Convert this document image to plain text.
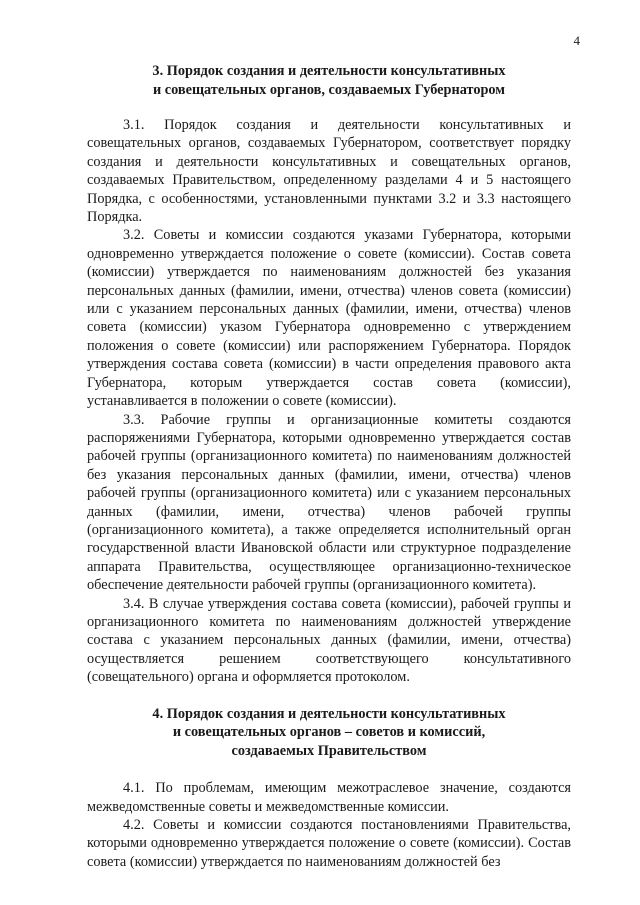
4
3. Порядок создания и деятельности консультативных
и совещательных органов, создаваемых Губернатором

3.1. Порядок создания и деятельности консультативных и совещательных органов, создаваемых Губернатором, соответствует порядку создания и деятельности консультативных и совещательных органов, создаваемых Правительством, определенному разделами 4 и 5 настоящего Порядка, с особенностями, установленными пунктами 3.2 и 3.3 настоящего Порядка.

3.2. Советы и комиссии создаются указами Губернатора, которыми одновременно утверждается положение о совете (комиссии). Состав совета (комиссии) утверждается по наименованиям должностей без указания персональных данных (фамилии, имени, отчества) членов совета (комиссии) или с указанием персональных данных (фамилии, имени, отчества) членов совета (комиссии) указом Губернатора одновременно с утверждением положения о совете (комиссии) или распоряжением Губернатора. Порядок утверждения состава совета (комиссии) в части определения правового акта Губернатора, которым утверждается состав совета (комиссии), устанавливается в положении о совете (комиссии).

3.3. Рабочие группы и организационные комитеты создаются распоряжениями Губернатора, которыми одновременно утверждается состав рабочей группы (организационного комитета) по наименованиям должностей без указания персональных данных (фамилии, имени, отчества) членов рабочей группы (организационного комитета) или с указанием персональных данных (фамилии, имени, отчества) членов рабочей группы (организационного комитета), а также определяется исполнительный орган государственной власти Ивановской области или структурное подразделение аппарата Правительства, осуществляющее организационно-техническое обеспечение деятельности рабочей группы (организационного комитета).

3.4. В случае утверждения состава совета (комиссии), рабочей группы и организационного комитета по наименованиям должностей утверждение состава с указанием персональных данных (фамилии, имени, отчества) осуществляется решением соответствующего консультативного (совещательного) органа и оформляется протоколом.

4. Порядок создания и деятельности консультативных
и совещательных органов – советов и комиссий,
создаваемых Правительством

4.1. По проблемам, имеющим межотраслевое значение, создаются межведомственные советы и межведомственные комиссии.

4.2. Советы и комиссии создаются постановлениями Правительства, которыми одновременно утверждается положение о совете (комиссии). Состав совета (комиссии) утверждается по наименованиям должностей без
